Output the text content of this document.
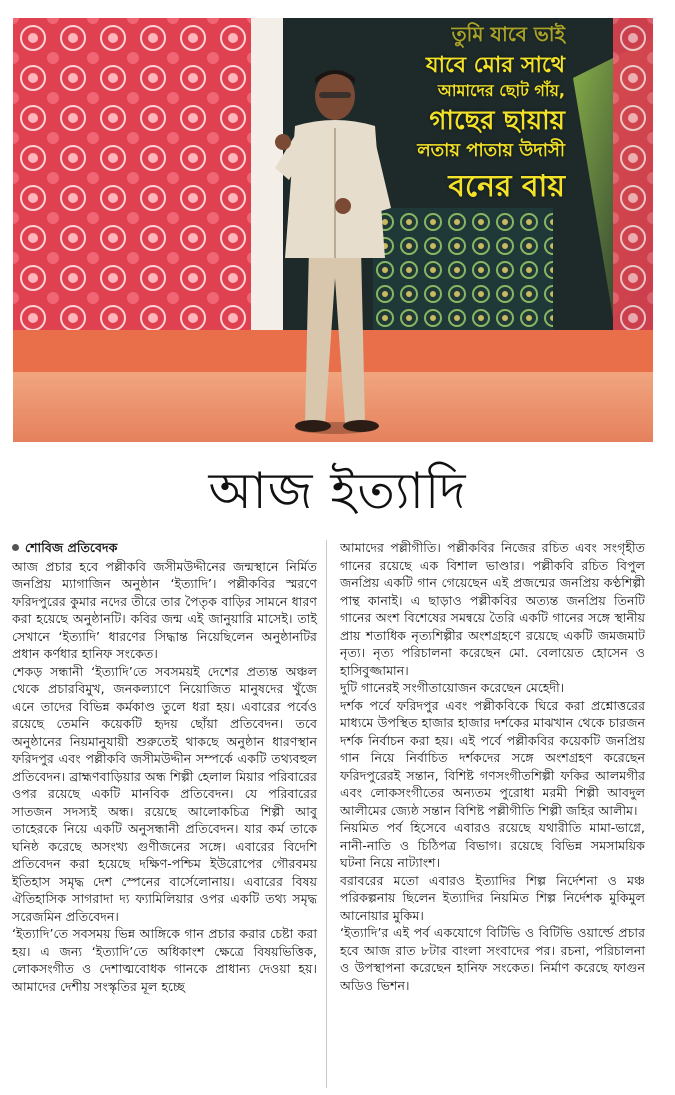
তুমি যাবে ভাই
যাবে মোর সাথে
আমাদের ছোট গাঁয়,
গাছের ছায়ায়
লতায় পাতায় উদাসী
বনের বায়
আজ ইত্যাদি
শোবিজ প্রতিবেদক

আজ প্রচার হবে পল্লীকবি জসীমউদ্দীনের জন্মস্থানে নির্মিত জনপ্রিয় ম্যাগাজিন অনুষ্ঠান ‘ইত্যাদি’। পল্লীকবির স্মরণে ফরিদপুরের কুমার নদের তীরে তার পৈতৃক বাড়ির সামনে ধারণ করা হয়েছে অনুষ্ঠানটি। কবির জন্ম এই জানুয়ারি মাসেই। তাই সেখানে ‘ইত্যাদি’ ধারণের সিদ্ধান্ত নিয়েছিলেন অনুষ্ঠানটির প্রধান কর্ণধার হানিফ সংকেত।

শেকড় সন্ধানী ‘ইত্যাদি’তে সবসময়ই দেশের প্রত্যন্ত অঞ্চল থেকে প্রচারবিমুখ, জনকল্যাণে নিয়োজিত মানুষদের খুঁজে এনে তাদের বিভিন্ন কর্মকাণ্ড তুলে ধরা হয়। এবারের পর্বেও রয়েছে তেমনি কয়েকটি হৃদয় ছোঁয়া প্রতিবেদন। তবে অনুষ্ঠানের নিয়মানুযায়ী শুরুতেই থাকছে অনুষ্ঠান ধারণস্থান ফরিদপুর এবং পল্লীকবি জসীমউদ্দীন সম্পর্কে একটি তথ্যবহুল প্রতিবেদন। ব্রাহ্মণবাড়িয়ার অন্ধ শিল্পী হেলাল মিয়ার পরিবারের ওপর রয়েছে একটি মানবিক প্রতিবেদন। যে পরিবারের সাতজন সদস্যই অন্ধ। রয়েছে আলোকচিত্র শিল্পী আবু তাহেরকে নিয়ে একটি অনুসন্ধানী প্রতিবেদন। যার কর্ম তাকে ঘনিষ্ঠ করেছে অসংখ্য গুণীজনের সঙ্গে। এবারের বিদেশি প্রতিবেদন করা হয়েছে দক্ষিণ-পশ্চিম ইউরোপের গৌরবময় ইতিহাস সমৃদ্ধ দেশ স্পেনের বার্সেলোনায়। এবারের বিষয় ঐতিহাসিক সাগরাদা দ্য ফ্যামিলিয়ার ওপর একটি তথ্য সমৃদ্ধ সরেজমিন প্রতিবেদন।

‘ইত্যাদি’তে সবসময় ভিন্ন আঙ্গিকে গান প্রচার করার চেষ্টা করা হয়। এ জন্য ‘ইত্যাদি’তে অধিকাংশ ক্ষেত্রে বিষয়ভিত্তিক, লোকসংগীত ও দেশাত্মবোধক গানকে প্রাধান্য দেওয়া হয়। আমাদের দেশীয় সংস্কৃতির মূল হচ্ছে

আমাদের পল্লীগীতি। পল্লীকবির নিজের রচিত এবং সংগৃহীত গানের রয়েছে এক বিশাল ভাণ্ডার। পল্লীকবি রচিত বিপুল জনপ্রিয় একটি গান গেয়েছেন এই প্রজন্মের জনপ্রিয় কণ্ঠশিল্পী পান্থ কানাই। এ ছাড়াও পল্লীকবির অত্যন্ত জনপ্রিয় তিনটি গানের অংশ বিশেষের সমন্বয়ে তৈরি একটি গানের সঙ্গে স্থানীয় প্রায় শতাধিক নৃত্যশিল্পীর অংশগ্রহণে রয়েছে একটি জমজমাট নৃত্য। নৃত্য পরিচালনা করেছেন মো. বেলায়েত হোসেন ও হাসিবুজ্জামান।

দুটি গানেরই সংগীতায়োজন করেছেন মেহেদী।

দর্শক পর্বে ফরিদপুর এবং পল্লীকবিকে ঘিরে করা প্রশ্নোত্তরের মাধ্যমে উপস্থিত হাজার হাজার দর্শকের মাঝখান থেকে চারজন দর্শক নির্বাচন করা হয়। এই পর্বে পল্লীকবির কয়েকটি জনপ্রিয় গান নিয়ে নির্বাচিত দর্শকদের সঙ্গে অংশগ্রহণ করেছেন ফরিদপুরেরই সন্তান, বিশিষ্ট গণসংগীতশিল্পী ফকির আলমগীর এবং লোকসংগীতের অন্যতম পুরোধা মরমী শিল্পী আবদুল আলীমের জ্যেষ্ঠ সন্তান বিশিষ্ট পল্লীগীতি শিল্পী জহির আলীম।

নিয়মিত পর্ব হিসেবে এবারও রয়েছে যথারীতি মামা-ভাগ্নে, নানী-নাতি ও চিঠিপত্র বিভাগ। রয়েছে বিভিন্ন সমসাময়িক ঘটনা নিয়ে নাট্যাংশ।

বরাবরের মতো এবারও ইত্যাদির শিল্প নির্দেশনা ও মঞ্চ পরিকল্পনায় ছিলেন ইত্যাদির নিয়মিত শিল্প নির্দেশক মুকিমুল আনোয়ার মুকিম।

‘ইত্যাদি’র এই পর্ব একযোগে বিটিভি ও বিটিভি ওয়ার্ল্ডে প্রচার হবে আজ রাত ৮টার বাংলা সংবাদের পর। রচনা, পরিচালনা ও উপস্থাপনা করেছেন হানিফ সংকেত। নির্মাণ করেছে ফাগুন অডিও ভিশন।
